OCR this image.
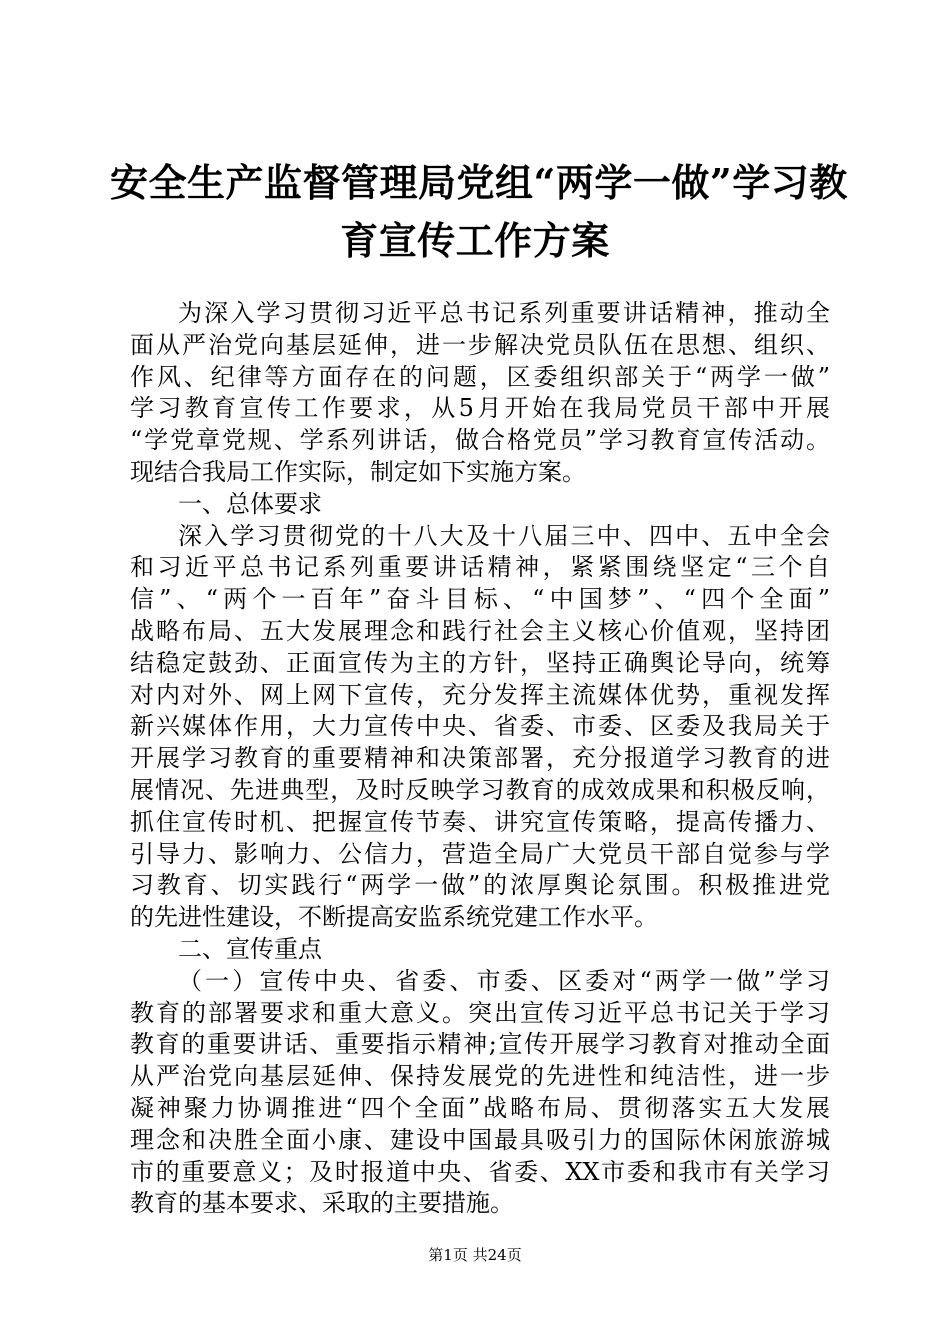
安全生产监督管理局党组“两学一做”学习教
育宣传工作方案
为深入学习贯彻习近平总书记系列重要讲话精神，推动全
面从严治党向基层延伸，进一步解决党员队伍在思想、组织、
作风、纪律等方面存在的问题，区委组织部关于“两学一做”
学习教育宣传工作要求，从5月开始在我局党员干部中开展
“学党章党规、学系列讲话，做合格党员”学习教育宣传活动。
现结合我局工作实际，制定如下实施方案。
一、总体要求
深入学习贯彻党的十八大及十八届三中、四中、五中全会
和习近平总书记系列重要讲话精神，紧紧围绕坚定“三个自
信”、“两个一百年”奋斗目标、“中国梦”、“四个全面”
战略布局、五大发展理念和践行社会主义核心价值观，坚持团
结稳定鼓劲、正面宣传为主的方针，坚持正确舆论导向，统筹
对内对外、网上网下宣传，充分发挥主流媒体优势，重视发挥
新兴媒体作用，大力宣传中央、省委、市委、区委及我局关于
开展学习教育的重要精神和决策部署，充分报道学习教育的进
展情况、先进典型，及时反映学习教育的成效成果和积极反响，
抓住宣传时机、把握宣传节奏、讲究宣传策略，提高传播力、
引导力、影响力、公信力，营造全局广大党员干部自觉参与学
习教育、切实践行“两学一做”的浓厚舆论氛围。积极推进党
的先进性建设，不断提高安监系统党建工作水平。
二、宣传重点
（一）宣传中央、省委、市委、区委对“两学一做”学习
教育的部署要求和重大意义。突出宣传习近平总书记关于学习
教育的重要讲话、重要指示精神;宣传开展学习教育对推动全面
从严治党向基层延伸、保持发展党的先进性和纯洁性，进一步
凝神聚力协调推进“四个全面”战略布局、贯彻落实五大发展
理念和决胜全面小康、建设中国最具吸引力的国际休闲旅游城
市的重要意义；及时报道中央、省委、XX市委和我市有关学习
教育的基本要求、采取的主要措施。
第1页 共24页
